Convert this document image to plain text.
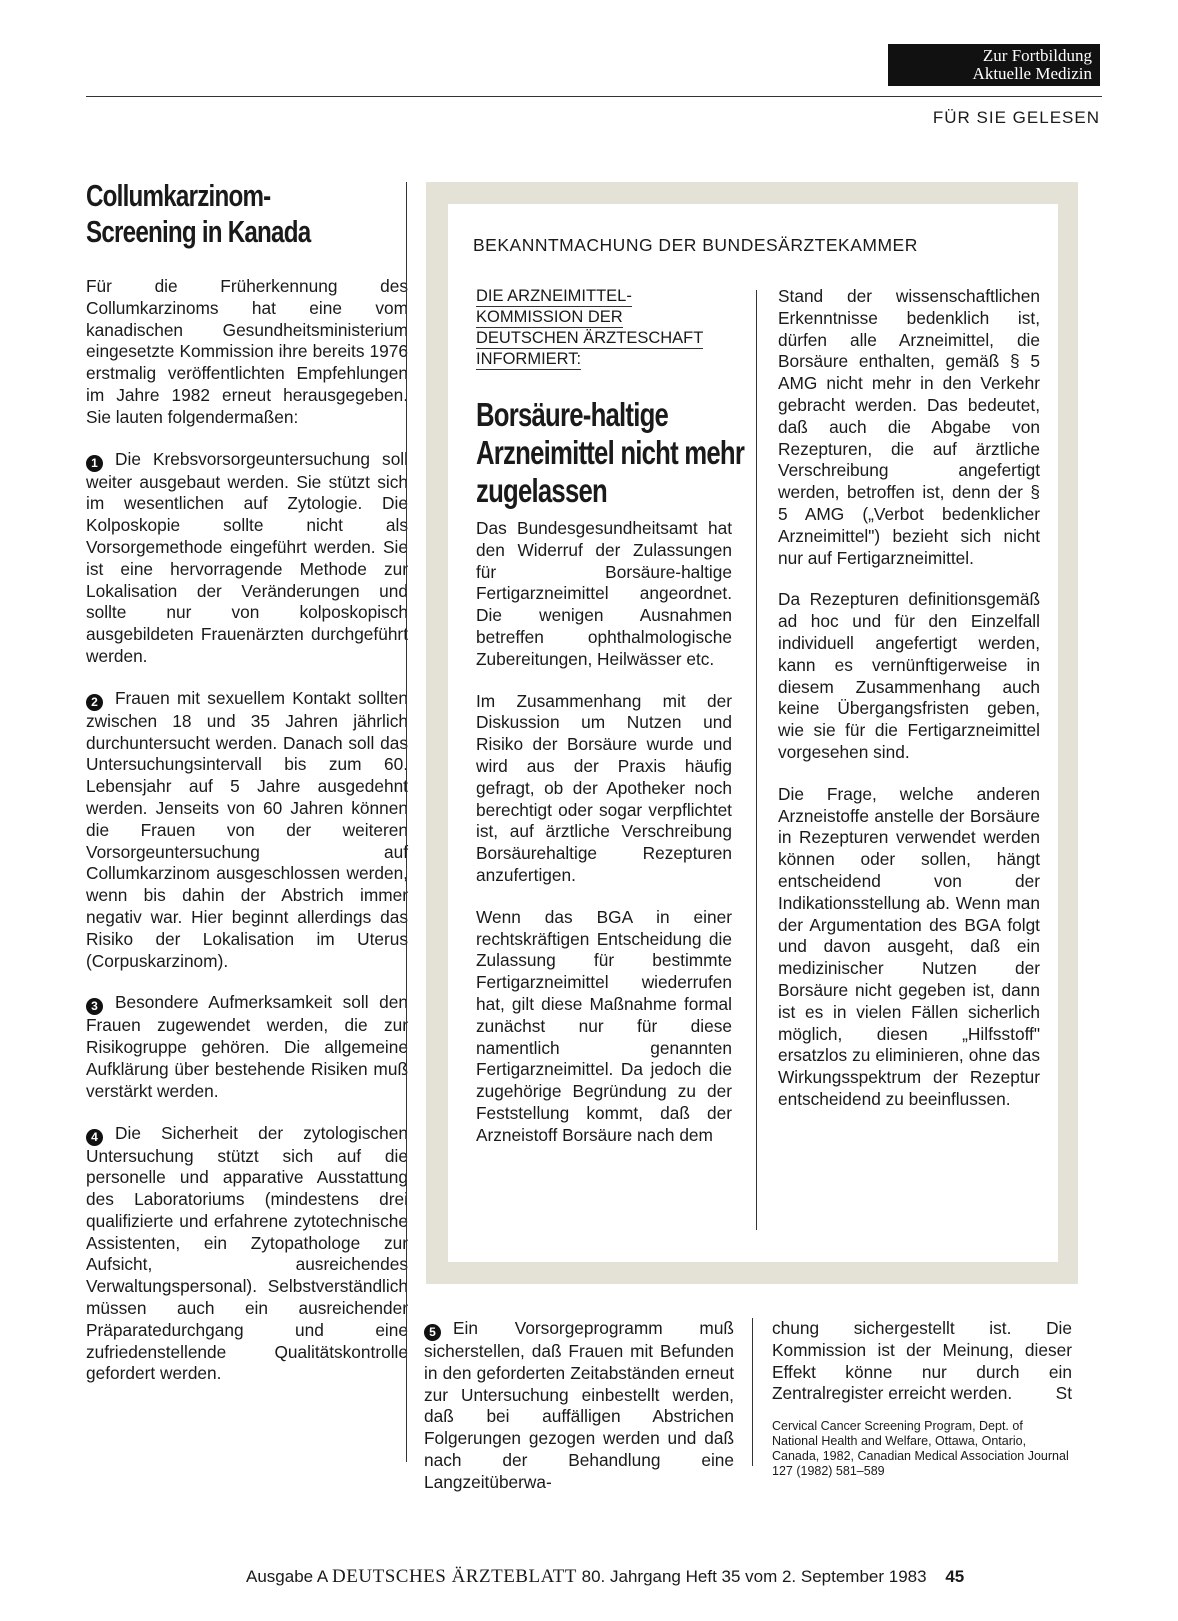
Zur Fortbildung
Aktuelle Medizin
FÜR SIE GELESEN
Collumkarzinom-Screening in Kanada

Für die Früherkennung des Collumkarzinoms hat eine vom kanadischen Gesundheitsministerium eingesetzte Kommission ihre bereits 1976 erstmalig veröffentlichten Empfehlungen im Jahre 1982 erneut herausgegeben. Sie lauten folgendermaßen:

1 Die Krebsvorsorgeuntersuchung soll weiter ausgebaut werden. Sie stützt sich im wesentlichen auf Zytologie. Die Kolposkopie sollte nicht als Vorsorgemethode eingeführt werden. Sie ist eine hervorragende Methode zur Lokalisation der Veränderungen und sollte nur von kolposkopisch ausgebildeten Frauenärzten durchgeführt werden.

2 Frauen mit sexuellem Kontakt sollten zwischen 18 und 35 Jahren jährlich durchuntersucht werden. Danach soll das Untersuchungsintervall bis zum 60. Lebensjahr auf 5 Jahre ausgedehnt werden. Jenseits von 60 Jahren können die Frauen von der weiteren Vorsorgeuntersuchung auf Collumkarzinom ausgeschlossen werden, wenn bis dahin der Abstrich immer negativ war. Hier beginnt allerdings das Risiko der Lokalisation im Uterus (Corpuskarzinom).

3 Besondere Aufmerksamkeit soll den Frauen zugewendet werden, die zur Risikogruppe gehören. Die allgemeine Aufklärung über bestehende Risiken muß verstärkt werden.

4 Die Sicherheit der zytologischen Untersuchung stützt sich auf die personelle und apparative Ausstattung des Laboratoriums (mindestens drei qualifizierte und erfahrene zytotechnische Assistenten, ein Zytopathologe zur Aufsicht, ausreichendes Verwaltungspersonal). Selbstverständlich müssen auch ein ausreichender Präparatedurchgang und eine zufriedenstellende Qualitätskontrolle gefordert werden.

BEKANNTMACHUNG DER BUNDESÄRZTEKAMMER
DIE ARZNEIMITTEL-
KOMMISSION DER
DEUTSCHEN ÄRZTESCHAFT
INFORMIERT:
Borsäure-haltige Arzneimittel nicht mehr zugelassen

Das Bundesgesundheitsamt hat den Widerruf der Zulassungen für Borsäure-haltige Fertigarzneimittel angeordnet. Die wenigen Ausnahmen betreffen ophthalmologische Zubereitungen, Heilwässer etc.

Im Zusammenhang mit der Diskussion um Nutzen und Risiko der Borsäure wurde und wird aus der Praxis häufig gefragt, ob der Apotheker noch berechtigt oder sogar verpflichtet ist, auf ärztliche Verschreibung Borsäurehaltige Rezepturen anzufertigen.

Wenn das BGA in einer rechtskräftigen Entscheidung die Zulassung für bestimmte Fertigarzneimittel wiederrufen hat, gilt diese Maßnahme formal zunächst nur für diese namentlich genannten Fertigarzneimittel. Da jedoch die zugehörige Begründung zu der Feststellung kommt, daß der Arzneistoff Borsäure nach dem

Stand der wissenschaftlichen Erkenntnisse bedenklich ist, dürfen alle Arzneimittel, die Borsäure enthalten, gemäß § 5 AMG nicht mehr in den Verkehr gebracht werden. Das bedeutet, daß auch die Abgabe von Rezepturen, die auf ärztliche Verschreibung angefertigt werden, betroffen ist, denn der § 5 AMG („Verbot bedenklicher Arzneimittel") bezieht sich nicht nur auf Fertigarzneimittel.

Da Rezepturen definitionsgemäß ad hoc und für den Einzelfall individuell angefertigt werden, kann es vernünftigerweise in diesem Zusammenhang auch keine Übergangsfristen geben, wie sie für die Fertigarzneimittel vorgesehen sind.

Die Frage, welche anderen Arzneistoffe anstelle der Borsäure in Rezepturen verwendet werden können oder sollen, hängt entscheidend von der Indikationsstellung ab. Wenn man der Argumentation des BGA folgt und davon ausgeht, daß ein medizinischer Nutzen der Borsäure nicht gegeben ist, dann ist es in vielen Fällen sicherlich möglich, diesen „Hilfsstoff" ersatzlos zu eliminieren, ohne das Wirkungsspektrum der Rezeptur entscheidend zu beeinflussen.

5 Ein Vorsorgeprogramm muß sicherstellen, daß Frauen mit Befunden in den geforderten Zeitabständen erneut zur Untersuchung einbestellt werden, daß bei auffälligen Abstrichen Folgerungen gezogen werden und daß nach der Behandlung eine Langzeitüberwa-

chung sichergestellt ist. Die Kommission ist der Meinung, dieser Effekt könne nur durch ein Zentralregister erreicht werden.	St

Cervical Cancer Screening Program, Dept. of National Health and Welfare, Ottawa, Ontario, Canada, 1982, Canadian Medical Association Journal 127 (1982) 581–589
Ausgabe A DEUTSCHES ÄRZTEBLATT 80. Jahrgang Heft 35 vom 2. September 1983 45
